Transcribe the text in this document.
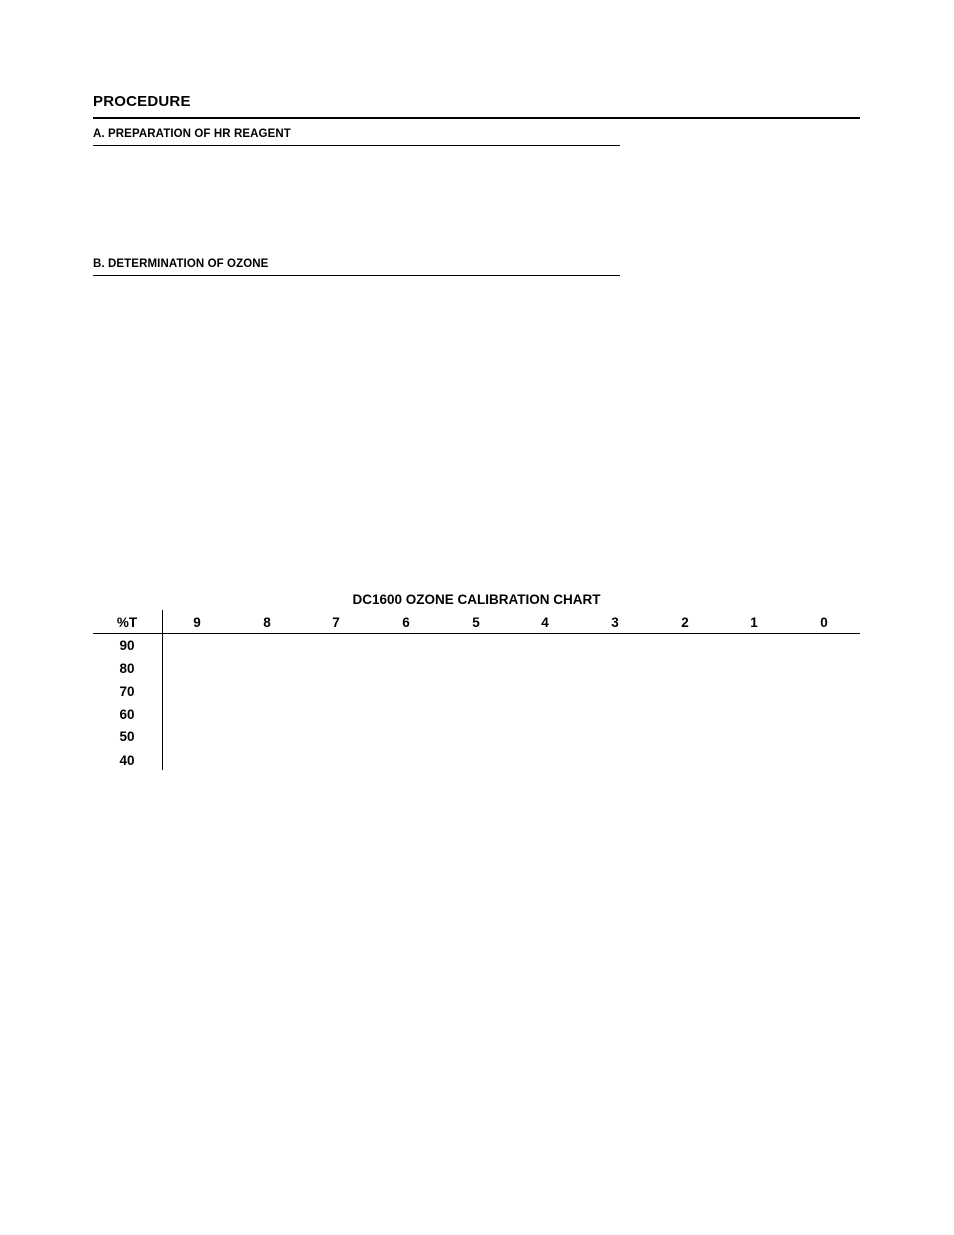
PROCEDURE
A. PREPARATION OF HR REAGENT
B. DETERMINATION OF OZONE
DC1600 OZONE CALIBRATION CHART
%T	9	8	7	6	5	4	3	2	1	0
90
80
70
60
50
40
